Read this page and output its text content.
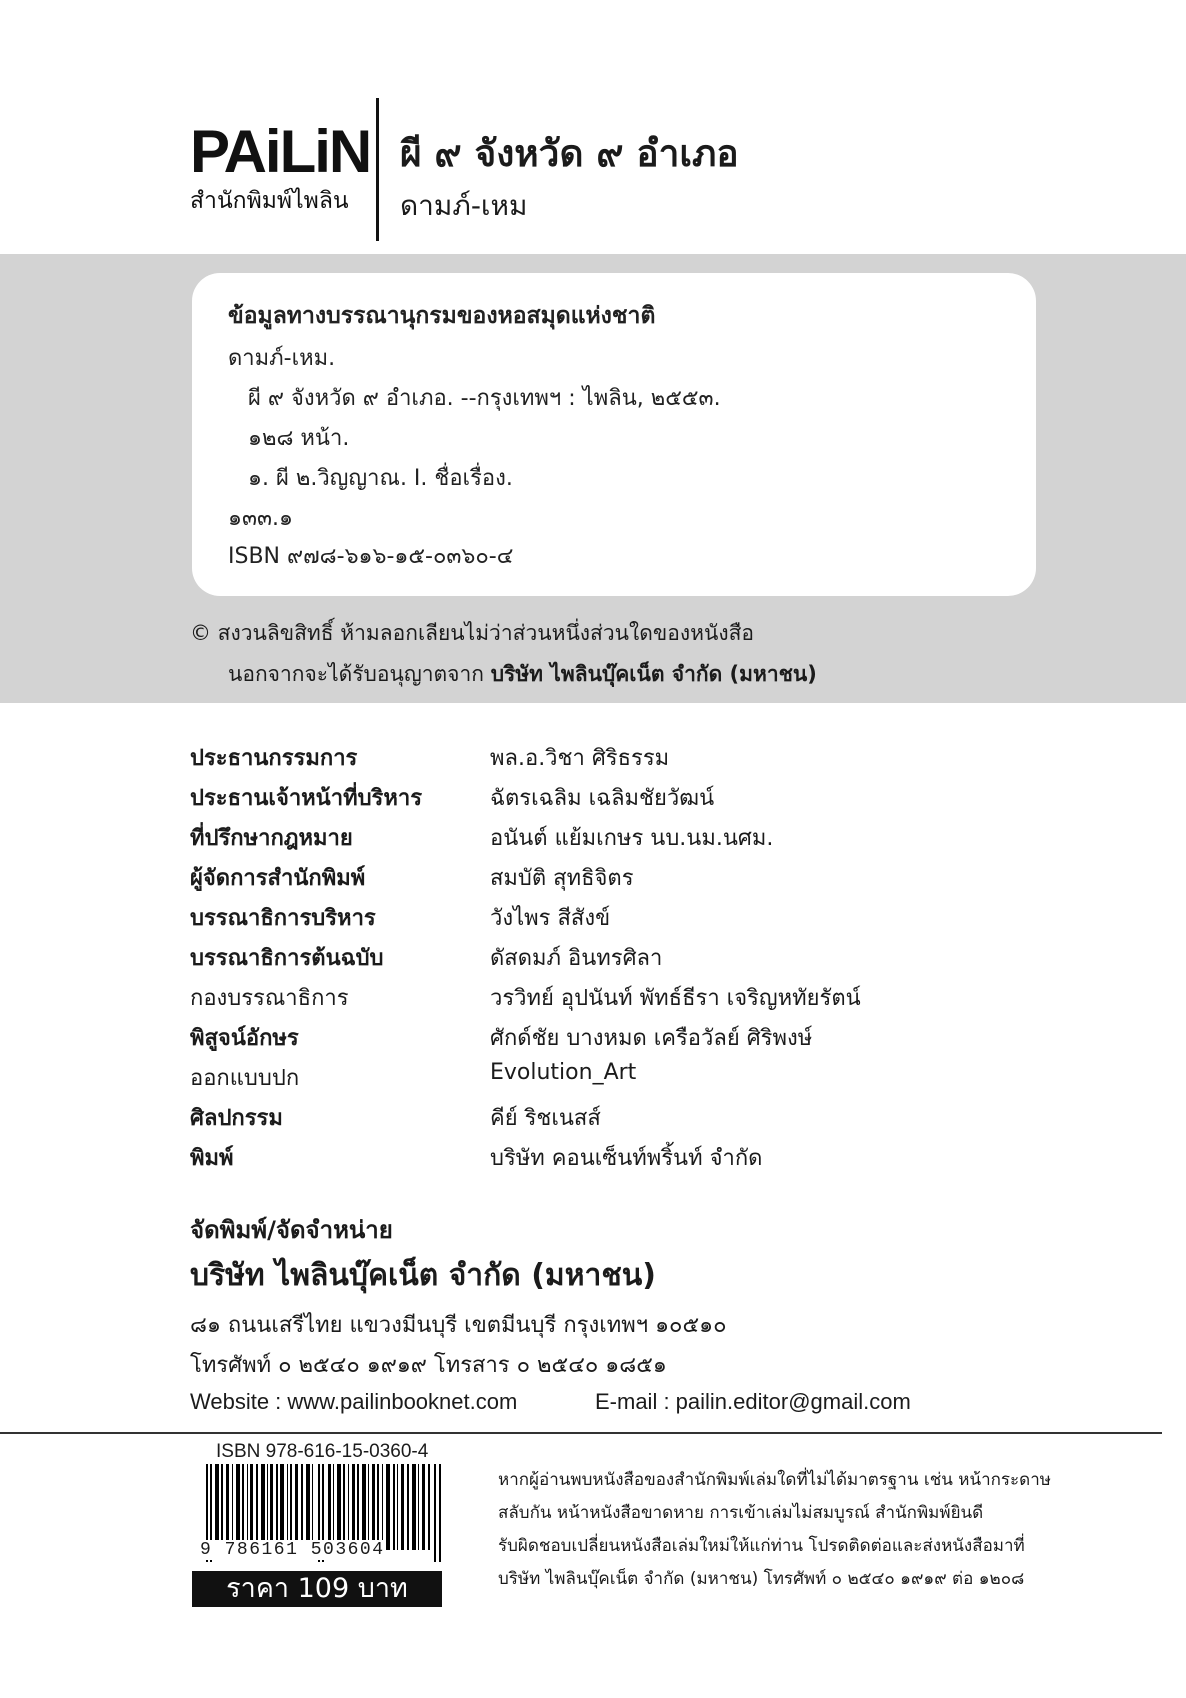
PAiLiN
สำนักพิมพ์ไพลิน
ผี ๙ จังหวัด ๙ อำเภอ
ดามภ์-เหม
ข้อมูลทางบรรณานุกรมของหอสมุดแห่งชาติ
ดามภ์-เหม.
ผี ๙ จังหวัด ๙ อำเภอ. --กรุงเทพฯ : ไพลิน, ๒๕๕๓.
๑๒๘ หน้า.
๑. ผี ๒.วิญญาณ. I. ชื่อเรื่อง.
๑๓๓.๑
ISBN ๙๗๘-๖๑๖-๑๕-๐๓๖๐-๔
© สงวนลิขสิทธิ์ ห้ามลอกเลียนไม่ว่าส่วนหนึ่งส่วนใดของหนังสือ
นอกจากจะได้รับอนุญาตจาก บริษัท ไพลินบุ๊คเน็ต จำกัด (มหาชน)
ประธานกรรมการ	พล.อ.วิชา ศิริธรรม
ประธานเจ้าหน้าที่บริหาร	ฉัตรเฉลิม เฉลิมชัยวัฒน์
ที่ปรึกษากฎหมาย	อนันต์ แย้มเกษร นบ.นม.นศม.
ผู้จัดการสำนักพิมพ์	สมบัติ สุทธิจิตร
บรรณาธิการบริหาร	วังไพร สีสังข์
บรรณาธิการต้นฉบับ	ดัสดมภ์ อินทรศิลา
กองบรรณาธิการ	วรวิทย์ อุปนันท์ พัทธ์ธีรา เจริญหทัยรัตน์
พิสูจน์อักษร	ศักด์ชัย บางหมด เครือวัลย์ ศิริพงษ์
ออกแบบปก	Evolution_Art
ศิลปกรรม	คีย์ ริชเนสส์
พิมพ์	บริษัท คอนเซ็นท์พริ้นท์ จำกัด
จัดพิมพ์/จัดจำหน่าย
บริษัท ไพลินบุ๊คเน็ต จำกัด (มหาชน)
๘๑ ถนนเสรีไทย แขวงมีนบุรี เขตมีนบุรี กรุงเทพฯ ๑๐๕๑๐
โทรศัพท์ ๐ ๒๕๔๐ ๑๙๑๙ โทรสาร ๐ ๒๕๔๐ ๑๘๕๑
Website : www.pailinbooknet.com	E-mail : pailin.editor@gmail.com
ISBN 978-616-15-0360-4
9 786161 503604
ราคา 109 บาท
หากผู้อ่านพบหนังสือของสำนักพิมพ์เล่มใดที่ไม่ได้มาตรฐาน เช่น หน้ากระดาษ
สลับกัน หน้าหนังสือขาดหาย การเข้าเล่มไม่สมบูรณ์ สำนักพิมพ์ยินดี
รับผิดชอบเปลี่ยนหนังสือเล่มใหม่ให้แก่ท่าน โปรดติดต่อและส่งหนังสือมาที่
บริษัท ไพลินบุ๊คเน็ต จำกัด (มหาชน) โทรศัพท์ ๐ ๒๕๔๐ ๑๙๑๙ ต่อ ๑๒๐๘
